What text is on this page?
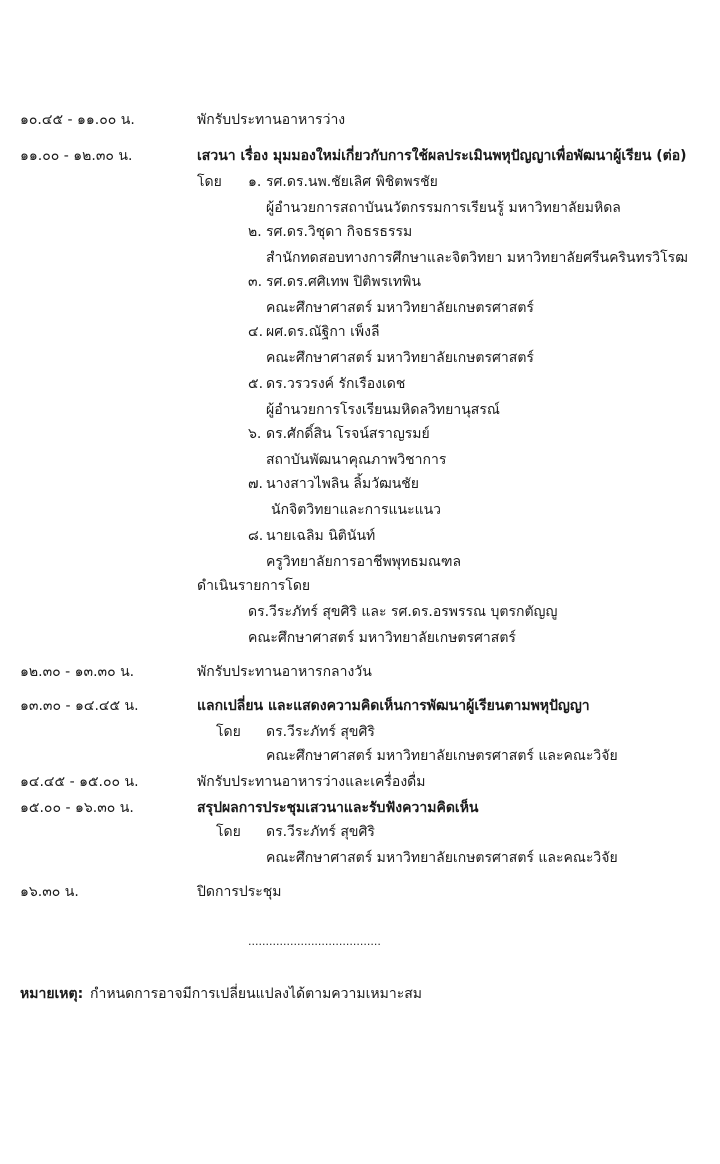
๑๐.๔๕ - ๑๑.๐๐ น.	พักรับประทานอาหารว่าง
๑๑.๐๐ - ๑๒.๓๐ น.	เสวนา เรื่อง มุมมองใหม่เกี่ยวกับการใช้ผลประเมินพหุปัญญาเพื่อพัฒนาผู้เรียน (ต่อ)
โดย ๑. รศ.ดร.นพ.ชัยเลิศ พิชิตพรชัย
ผู้อำนวยการสถาบันนวัตกรรมการเรียนรู้ มหาวิทยาลัยมหิดล
๒. รศ.ดร.วิชุดา กิจธรธรรม
สำนักทดสอบทางการศึกษาและจิตวิทยา มหาวิทยาลัยศรีนครินทรวิโรฒ
๓. รศ.ดร.ศศิเทพ ปิติพรเทพิน
คณะศึกษาศาสตร์ มหาวิทยาลัยเกษตรศาสตร์
๔. ผศ.ดร.ณัฐิกา เพ็งลี
คณะศึกษาศาสตร์ มหาวิทยาลัยเกษตรศาสตร์
๕. ดร.วรวรงค์ รักเรืองเดช
ผู้อำนวยการโรงเรียนมหิดลวิทยานุสรณ์
๖. ดร.ศักดิ์สิน โรจน์สราญรมย์
สถาบันพัฒนาคุณภาพวิชาการ
๗. นางสาวไพลิน ลิ้มวัฒนชัย
นักจิตวิทยาและการแนะแนว
๘. นายเฉลิม นิตินันท์
ครูวิทยาลัยการอาชีพพุทธมณฑล
ดำเนินรายการโดย
ดร.วีระภัทร์ สุขศิริ และ รศ.ดร.อรพรรณ บุตรกตัญญู
คณะศึกษาศาสตร์ มหาวิทยาลัยเกษตรศาสตร์
๑๒.๓๐ - ๑๓.๓๐ น.	พักรับประทานอาหารกลางวัน
๑๓.๓๐ - ๑๔.๔๕ น.	แลกเปลี่ยน และแสดงความคิดเห็นการพัฒนาผู้เรียนตามพหุปัญญา
โดย ดร.วีระภัทร์ สุขศิริ
คณะศึกษาศาสตร์ มหาวิทยาลัยเกษตรศาสตร์ และคณะวิจัย
๑๔.๔๕ - ๑๕.๐๐ น.	พักรับประทานอาหารว่างและเครื่องดื่ม
๑๕.๐๐ - ๑๖.๓๐ น.	สรุปผลการประชุมเสวนาและรับฟังความคิดเห็น
โดย ดร.วีระภัทร์ สุขศิริ
คณะศึกษาศาสตร์ มหาวิทยาลัยเกษตรศาสตร์ และคณะวิจัย
๑๖.๓๐ น.	ปิดการประชุม
......................................
หมายเหตุ: กำหนดการอาจมีการเปลี่ยนแปลงได้ตามความเหมาะสม
